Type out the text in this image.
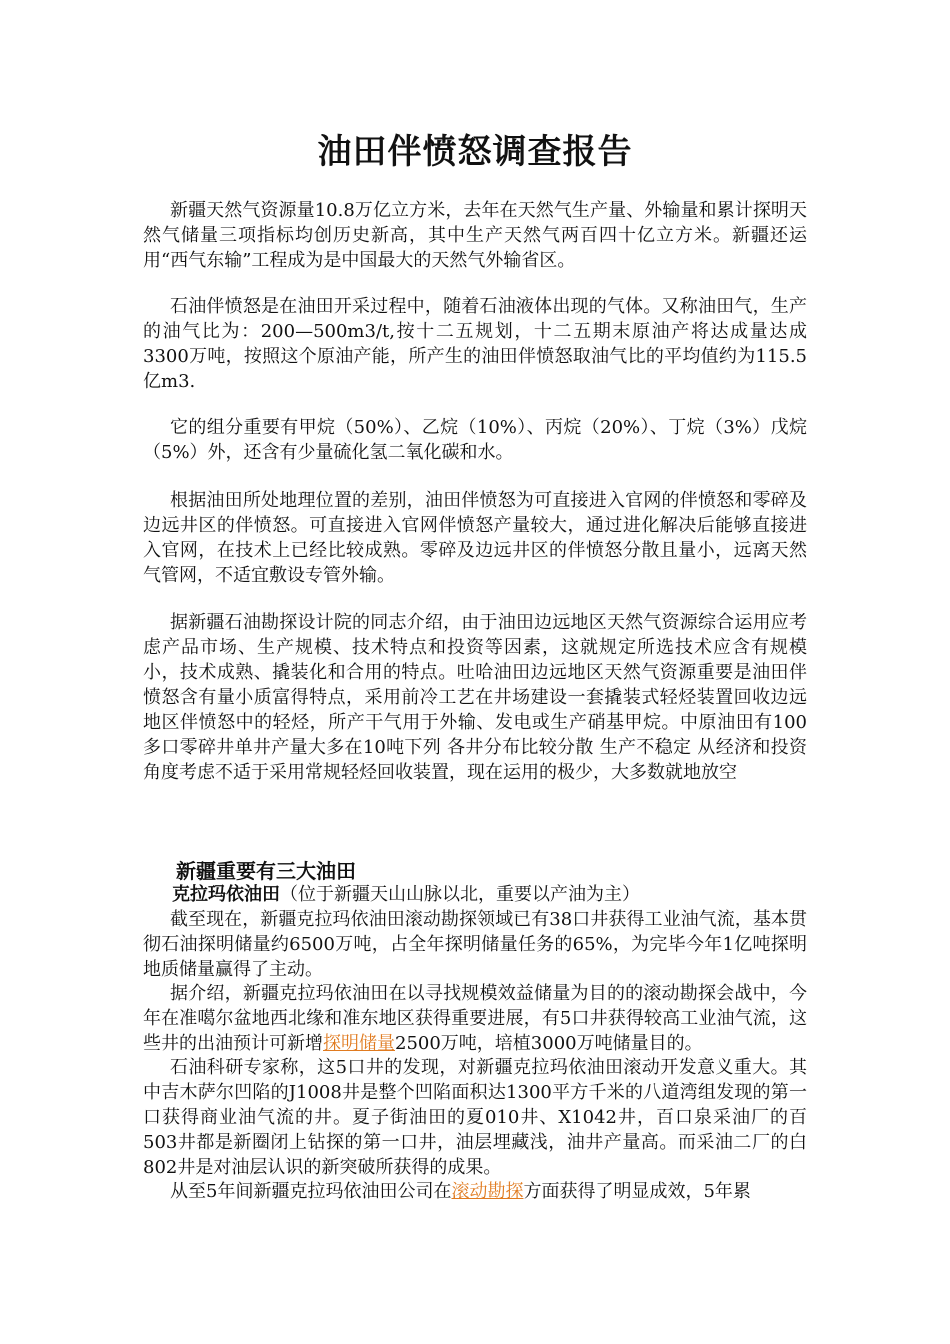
油田伴愤怒调查报告

新疆天然气资源量10.8万亿立方米，去年在天然气生产量、外输量和累计探明天然气储量三项指标均创历史新高，其中生产天然气两百四十亿立方米。新疆还运用“西气东输”工程成为是中国最大的天然气外输省区。

石油伴愤怒是在油田开采过程中，随着石油液体出现的气体。又称油田气，生产的油气比为：200—500m3/t,按十二五规划，十二五期末原油产将达成量达成3300万吨，按照这个原油产能，所产生的油田伴愤怒取油气比的平均值约为115.5亿m3.

它的组分重要有甲烷（50%）、乙烷（10%）、丙烷（20%）、丁烷（3%）戊烷（5%）外，还含有少量硫化氢二氧化碳和水。

根据油田所处地理位置的差别，油田伴愤怒为可直接进入官网的伴愤怒和零碎及边远井区的伴愤怒。可直接进入官网伴愤怒产量较大，通过进化解决后能够直接进入官网，在技术上已经比较成熟。零碎及边远井区的伴愤怒分散且量小，远离天然气管网，不适宜敷设专管外输。

据新疆石油勘探设计院的同志介绍，由于油田边远地区天然气资源综合运用应考虑产品市场、生产规模、技术特点和投资等因素，这就规定所选技术应含有规模小，技术成熟、撬装化和合用的特点。吐哈油田边远地区天然气资源重要是油田伴愤怒含有量小质富得特点，采用前冷工艺在井场建设一套撬装式轻烃装置回收边远地区伴愤怒中的轻烃，所产干气用于外输、发电或生产硝基甲烷。中原油田有100多口零碎井单井产量大多在10吨下列 各井分布比较分散 生产不稳定 从经济和投资角度考虑不适于采用常规轻烃回收装置，现在运用的极少，大多数就地放空

新疆重要有三大油田

克拉玛依油田（位于新疆天山山脉以北，重要以产油为主）

截至现在，新疆克拉玛依油田滚动勘探领域已有38口井获得工业油气流，基本贯彻石油探明储量约6500万吨，占全年探明储量任务的65%，为完毕今年1亿吨探明地质储量赢得了主动。

据介绍，新疆克拉玛依油田在以寻找规模效益储量为目的的滚动勘探会战中，今年在准噶尔盆地西北缘和准东地区获得重要进展，有5口井获得较高工业油气流，这些井的出油预计可新增探明储量2500万吨，培植3000万吨储量目的。

石油科研专家称，这5口井的发现，对新疆克拉玛依油田滚动开发意义重大。其中吉木萨尔凹陷的J1008井是整个凹陷面积达1300平方千米的八道湾组发现的第一口获得商业油气流的井。夏子街油田的夏010井、X1042井，百口泉采油厂的百503井都是新圈闭上钻探的第一口井，油层埋藏浅，油井产量高。而采油二厂的白802井是对油层认识的新突破所获得的成果。

从至5年间新疆克拉玛依油田公司在滚动勘探方面获得了明显成效，5年累
